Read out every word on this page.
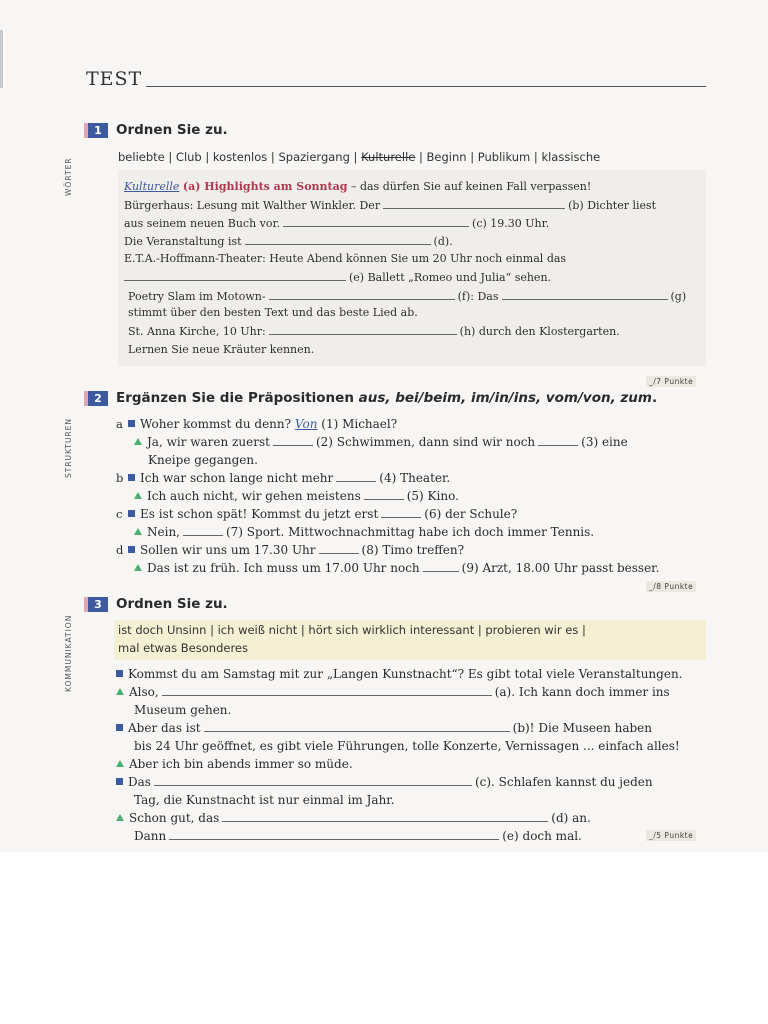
TEST
1	Ordnen Sie zu.
WÖRTER
beliebte | Club | kostenlos | Spaziergang | Kulturelle | Beginn | Publikum | klassische
Kulturelle (a) Highlights am Sonntag – das dürfen Sie auf keinen Fall verpassen!
Bürgerhaus: Lesung mit Walther Winkler. Der	(b) Dichter liest
aus seinem neuen Buch vor.	(c) 19.30 Uhr.
Die Veranstaltung ist	(d).
E.T.A.-Hoffmann-Theater: Heute Abend können Sie um 20 Uhr noch einmal das
(e) Ballett „Romeo und Julia“ sehen.
Poetry Slam im Motown-	(f): Das	(g)
stimmt über den besten Text und das beste Lied ab.
St. Anna Kirche, 10 Uhr:	(h) durch den Klostergarten.
Lernen Sie neue Kräuter kennen.
_/7 Punkte
2	Ergänzen Sie die Präpositionen aus, bei/beim, im/in/ins, vom/von, zum.
STRUKTUREN	a Woher kommst du denn? Von (1) Michael?
Ja, wir waren zuerst	(2) Schwimmen, dann sind wir noch	(3) eine
Kneipe gegangen.
b Ich war schon lange nicht mehr	(4) Theater.
Ich auch nicht, wir gehen meistens	(5) Kino.
c Es ist schon spät! Kommst du jetzt erst	(6) der Schule?
Nein,	(7) Sport. Mittwochnachmittag habe ich doch immer Tennis.
d Sollen wir uns um 17.30 Uhr	(8) Timo treffen?
Das ist zu früh. Ich muss um 17.00 Uhr noch	(9) Arzt, 18.00 Uhr passt besser.
_/8 Punkte
3	Ordnen Sie zu.
KOMMUNIKATION	ist doch Unsinn | ich weiß nicht | hört sich wirklich interessant | probieren wir es |
mal etwas Besonderes
Kommst du am Samstag mit zur „Langen Kunstnacht“? Es gibt total viele Veranstaltungen.
Also,	(a). Ich kann doch immer ins
Museum gehen.
Aber das ist	(b)! Die Museen haben
bis 24 Uhr geöffnet, es gibt viele Führungen, tolle Konzerte, Vernissagen ... einfach alles!
Aber ich bin abends immer so müde.
Das	(c). Schlafen kannst du jeden
Tag, die Kunstnacht ist nur einmal im Jahr.
Schon gut, das	(d) an.
Dann	(e) doch mal.	_/5 Punkte
